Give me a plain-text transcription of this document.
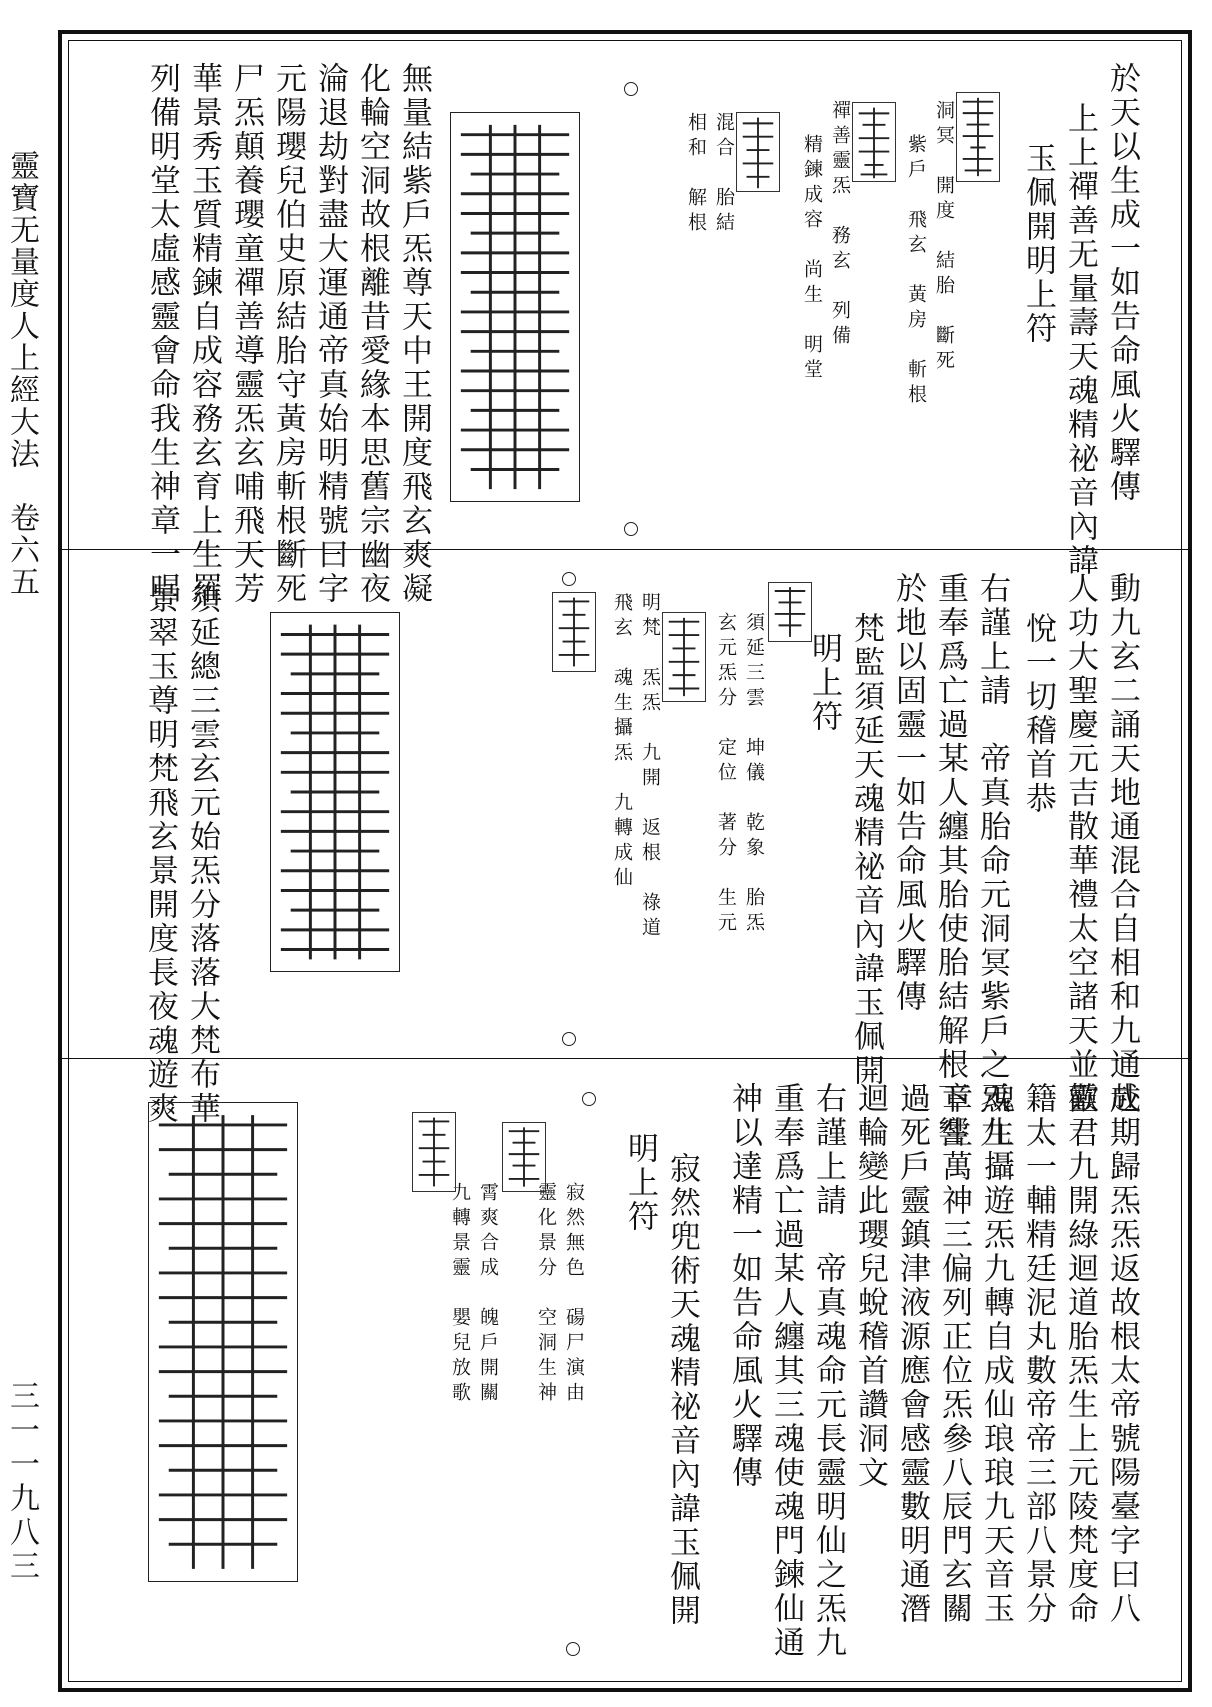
靈寶无量度人上經大法　卷六五
三一一九八三
於天以生成一如告命風火驛傳
上上禪善无量壽天魂精祕音內諱
玉佩開明上符
洞冥　開度　結胎　斷死
紫戶　飛玄　黃房　斬根
禪善靈炁　務玄　列備
精鍊成容　尚生　明堂
混合　胎結
相和　解根
無量結紫戶炁尊天中王開度飛玄爽凝
化輪空洞故根離昔愛緣本思舊宗幽夜
淪退劫對盡大運通帝真始明精號曰字
元陽瓔兒伯史原結胎守黃房斬根斷死
尸炁顛養瓔童禪善導靈炁玄哺飛天芳
華景秀玉質精鍊自成容務玄育上生羅
列備明堂太虛感靈會命我生神章一唱
動九玄二誦天地通混合自相和九通成
人功大聖慶元吉散華禮太空諸天並歡
悅一切稽首恭
右謹上請　帝真胎命元洞冥紫戶之炁九
重奉爲亡過某人纏其胎使胎結解根下響
於地以固靈一如告命風火驛傳
梵監須延天魂精祕音內諱玉佩開
明上符
須延三雲　坤儀　乾象　胎炁
玄元炁分　定位　著分　生元
明梵　炁炁　九開　返根　祿道
飛玄　魂生攝炁　九轉成仙
須延總三雲玄元始炁分落落大梵布華
景翠玉尊明梵飛玄景開度長夜魂遊爽
赴期歸炁炁返故根太帝號陽臺字曰八
靈君九開綠迴道胎炁生上元陵梵度命
籍太一輔精廷泥丸數帝帝三部八景分
魂生攝遊炁九轉自成仙琅琅九天音玉
章生萬神三偏列正位炁參八辰門玄關
過死戶靈鎮津液源應會感靈數明通潛
迴輪變此瓔兒蛻稽首讚洞文
右謹上請　帝真魂命元長靈明仙之炁九
重奉爲亡過某人纏其三魂使魂門鍊仙通
神以達精一如告命風火驛傳
寂然兜術天魂精祕音內諱玉佩開
明上符
寂然無色　碭尸演由
靈化景分　空洞生神
霄爽合成　魄戶開關
九轉景靈　嬰兒放歌
